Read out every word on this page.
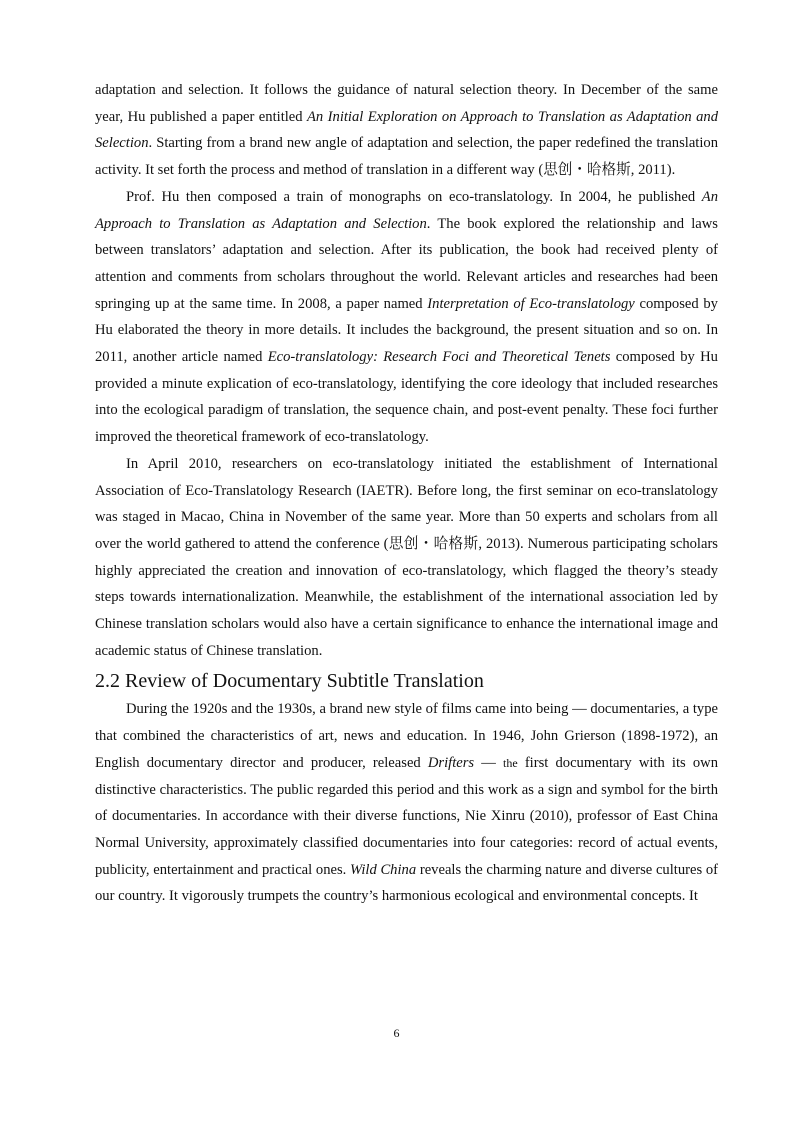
adaptation and selection. It follows the guidance of natural selection theory. In December of the same year, Hu published a paper entitled An Initial Exploration on Approach to Translation as Adaptation and Selection. Starting from a brand new angle of adaptation and selection, the paper redefined the translation activity. It set forth the process and method of translation in a different way (思创・哈格斯, 2011).

Prof. Hu then composed a train of monographs on eco-translatology. In 2004, he published An Approach to Translation as Adaptation and Selection. The book explored the relationship and laws between translators’ adaptation and selection. After its publication, the book had received plenty of attention and comments from scholars throughout the world. Relevant articles and researches had been springing up at the same time. In 2008, a paper named Interpretation of Eco-translatology composed by Hu elaborated the theory in more details. It includes the background, the present situation and so on. In 2011, another article named Eco-translatology: Research Foci and Theoretical Tenets composed by Hu provided a minute explication of eco-translatology, identifying the core ideology that included researches into the ecological paradigm of translation, the sequence chain, and post-event penalty. These foci further improved the theoretical framework of eco-translatology.

In April 2010, researchers on eco-translatology initiated the establishment of International Association of Eco-Translatology Research (IAETR). Before long, the first seminar on eco-translatology was staged in Macao, China in November of the same year. More than 50 experts and scholars from all over the world gathered to attend the conference (思创・哈格斯, 2013). Numerous participating scholars highly appreciated the creation and innovation of eco-translatology, which flagged the theory’s steady steps towards internationalization. Meanwhile, the establishment of the international association led by Chinese translation scholars would also have a certain significance to enhance the international image and academic status of Chinese translation.

2.2 Review of Documentary Subtitle Translation

During the 1920s and the 1930s, a brand new style of films came into being — documentaries, a type that combined the characteristics of art, news and education. In 1946, John Grierson (1898-1972), an English documentary director and producer, released Drifters — the first documentary with its own distinctive characteristics. The public regarded this period and this work as a sign and symbol for the birth of documentaries. In accordance with their diverse functions, Nie Xinru (2010), professor of East China Normal University, approximately classified documentaries into four categories: record of actual events, publicity, entertainment and practical ones. Wild China reveals the charming nature and diverse cultures of our country. It vigorously trumpets the country’s harmonious ecological and environmental concepts. It

6
